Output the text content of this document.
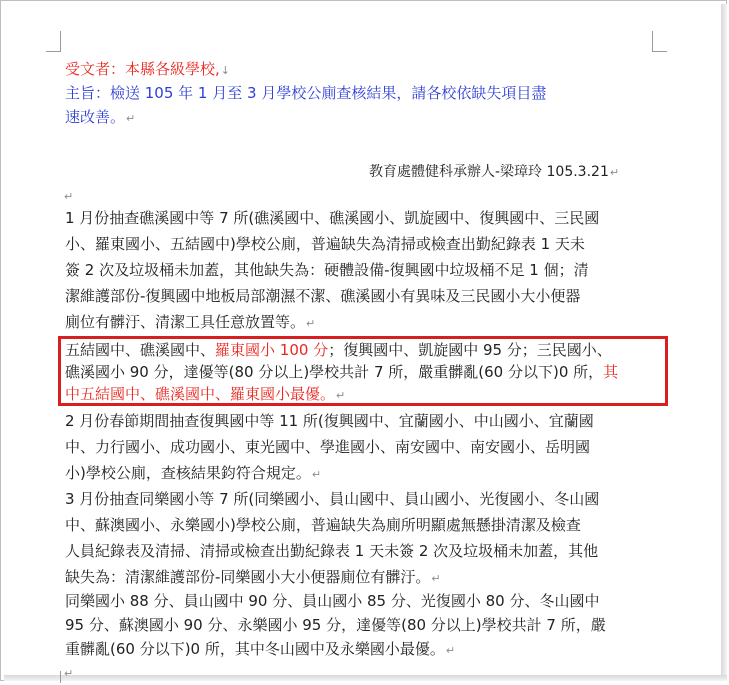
受文者：本縣各級學校,↓
主旨：檢送 105 年 1 月至 3 月學校公廁查核結果，請各校依缺失項目盡
速改善。↵
教育處體健科承辦人-梁璋玲 105.3.21↵
↵
1 月份抽查礁溪國中等 7 所(礁溪國中、礁溪國小、凱旋國中、復興國中、三民國
小、羅東國小、五結國中)學校公廁，普遍缺失為清掃或檢查出勤紀錄表 1 天未
簽 2 次及垃圾桶未加蓋，其他缺失為：硬體設備-復興國中垃圾桶不足 1 個；清
潔維護部份-復興國中地板局部潮濕不潔、礁溪國小有異味及三民國小大小便器
廁位有髒汙、清潔工具任意放置等。↵
五結國中、礁溪國中、羅東國小 100 分；復興國中、凱旋國中 95 分；三民國小、
礁溪國小 90 分，達優等(80 分以上)學校共計 7 所，嚴重髒亂(60 分以下)0 所，其
中五結國中、礁溪國中、羅東國小最優。↵
2 月份春節期間抽查復興國中等 11 所(復興國中、宜蘭國小、中山國小、宜蘭國
中、力行國小、成功國小、東光國中、學進國小、南安國中、南安國小、岳明國
小)學校公廁，查核結果鈞符合規定。↵
3 月份抽查同樂國小等 7 所(同樂國小、員山國中、員山國小、光復國小、冬山國
中、蘇澳國小、永樂國小)學校公廁，普遍缺失為廁所明顯處無懸掛清潔及檢查
人員紀錄表及清掃、清掃或檢查出勤紀錄表 1 天未簽 2 次及垃圾桶未加蓋，其他
缺失為：清潔維護部份-同樂國小大小便器廁位有髒汙。↵
同樂國小 88 分、員山國中 90 分、員山國小 85 分、光復國小 80 分、冬山國中
95 分、蘇澳國小 90 分、永樂國小 95 分，達優等(80 分以上)學校共計 7 所，嚴
重髒亂(60 分以下)0 所，其中冬山國中及永樂國小最優。↵
↵
